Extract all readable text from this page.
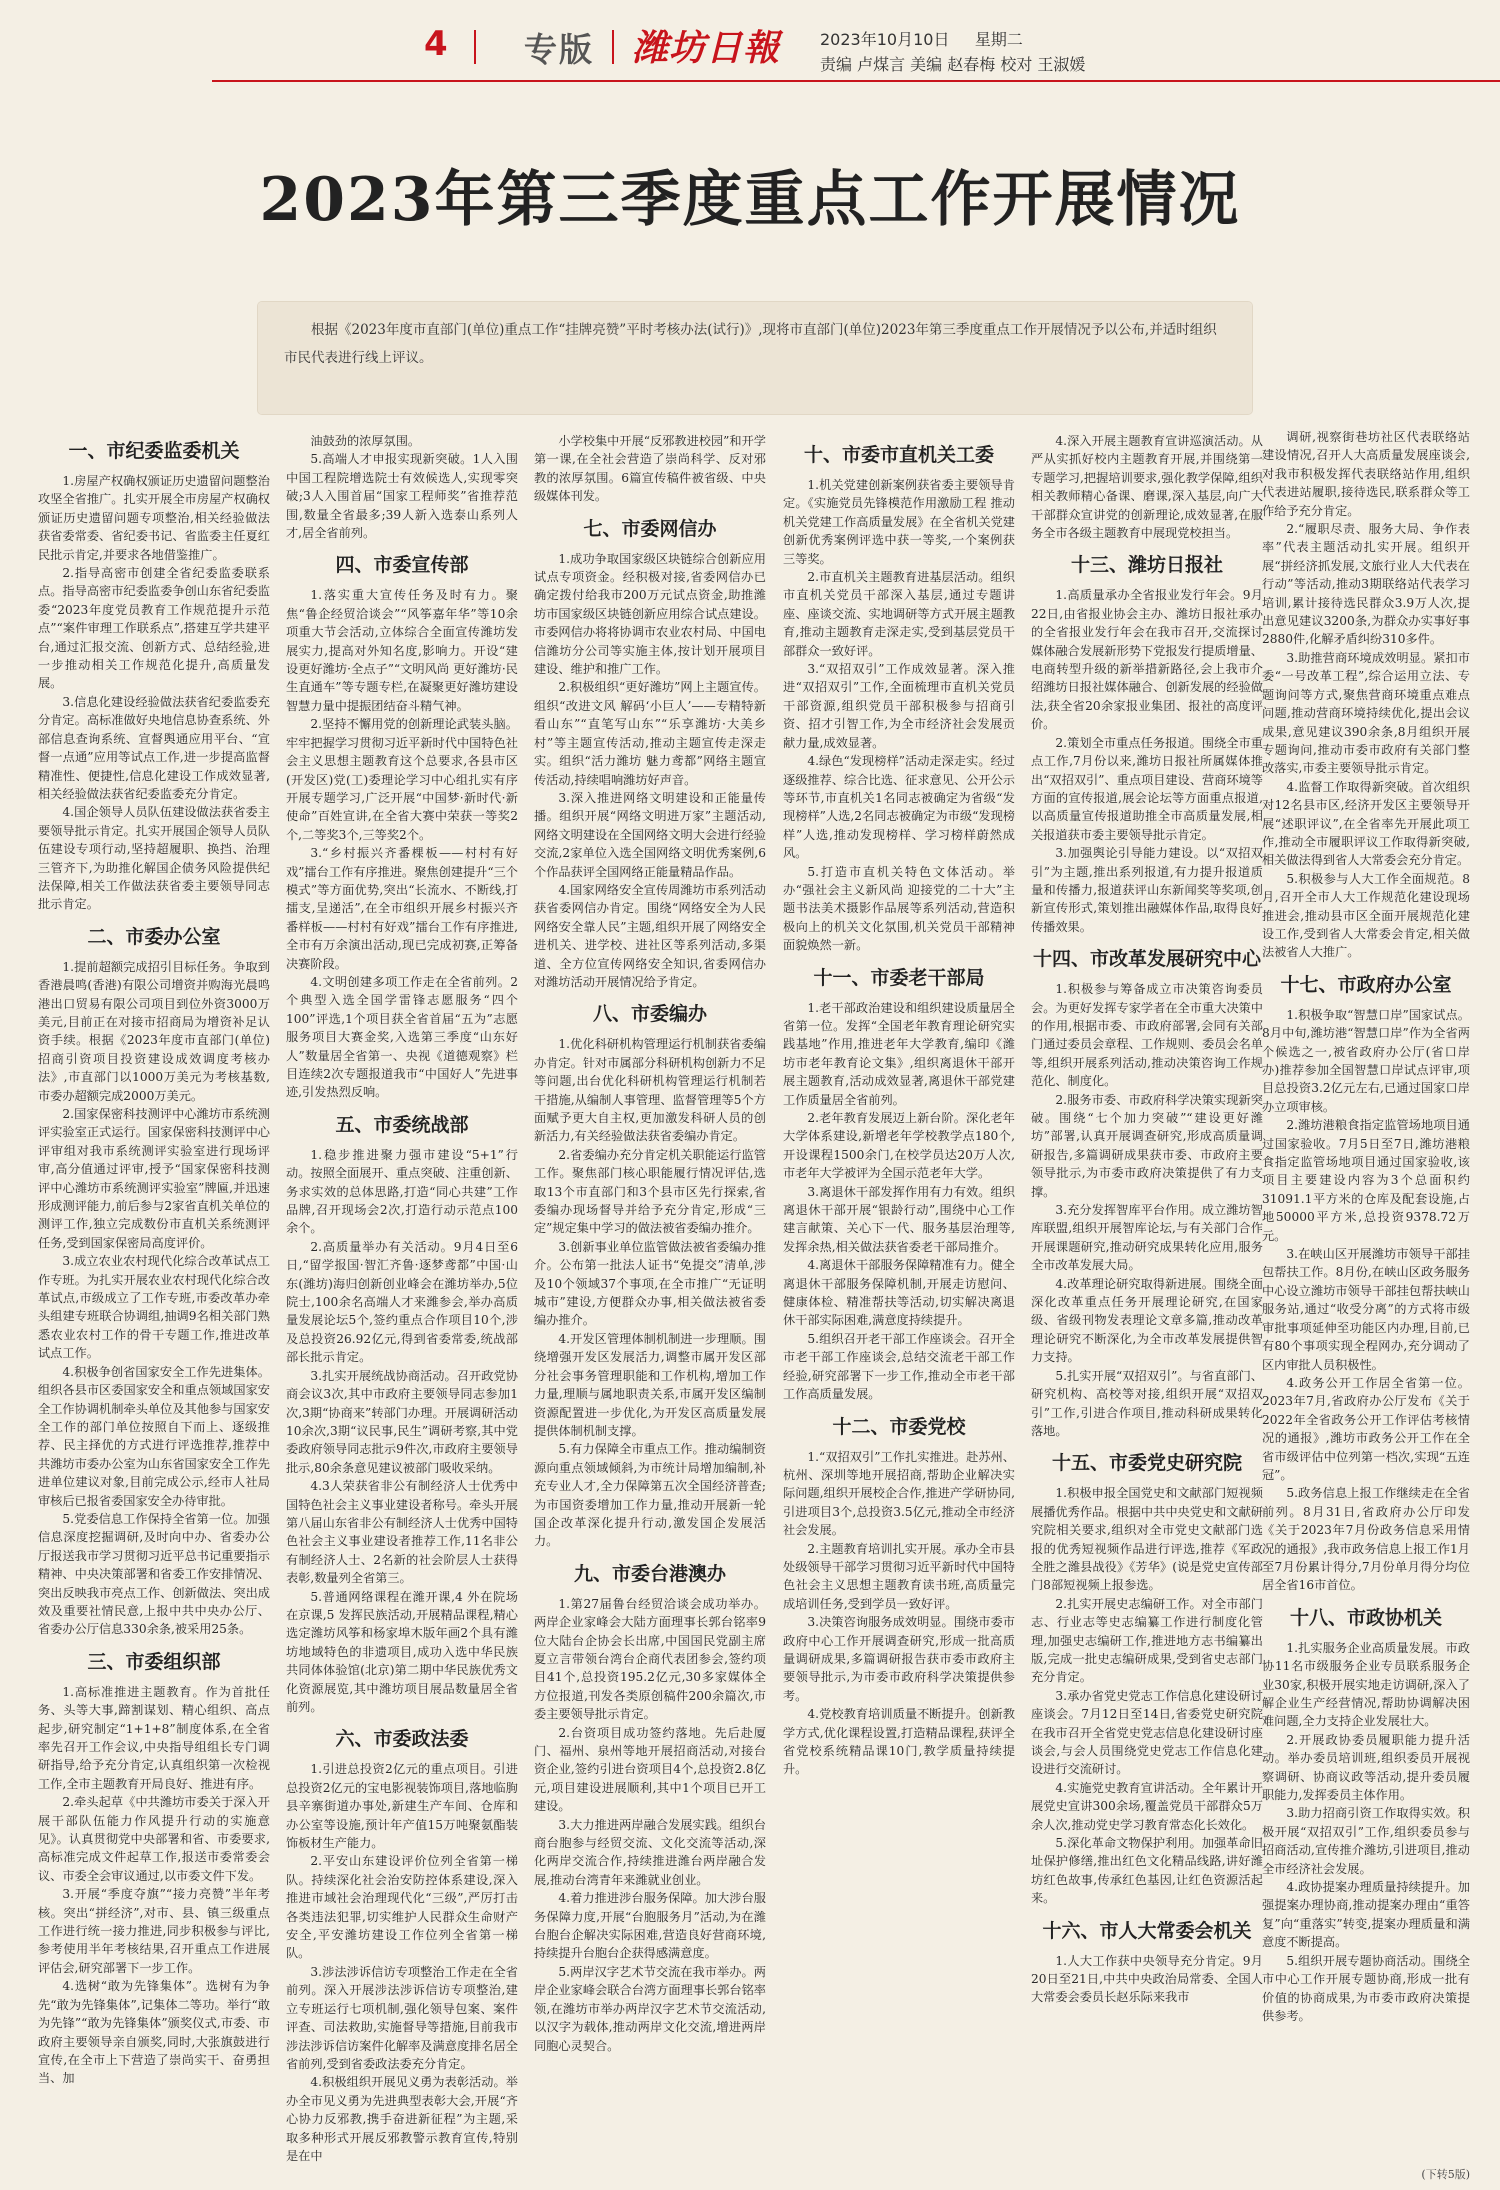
4 专版 潍坊日報 2023年10月10日 星期二
责编 卢煤言 美编 赵春梅 校对 王淑媛
2023年第三季度重点工作开展情况

根据《2023年度市直部门(单位)重点工作“挂牌亮赞”平时考核办法(试行)》,现将市直部门(单位)2023年第三季度重点工作开展情况予以公布,并适时组织市民代表进行线上评议。

一、市纪委监委机关

1.房屋产权确权颁证历史遗留问题整治攻坚全省推广。扎实开展全市房屋产权确权颁证历史遗留问题专项整治,相关经验做法获省委常委、省纪委书记、省监委主任夏红民批示肯定,并要求各地借鉴推广。

2.指导高密市创建全省纪委监委联系点。指导高密市纪委监委争创山东省纪委监委“2023年度党员教育工作规范提升示范点”“案件审理工作联系点”,搭建互学共建平台,通过汇报交流、创新方式、总结经验,进一步推动相关工作规范化提升,高质量发展。

3.信息化建设经验做法获省纪委监委充分肯定。高标准做好央地信息协查系统、外部信息查询系统、宣督舆通应用平台、“宣督一点通”应用等试点工作,进一步提高监督精准性、便捷性,信息化建设工作成效显著,相关经验做法获省纪委监委充分肯定。

4.国企领导人员队伍建设做法获省委主要领导批示肯定。扎实开展国企领导人员队伍建设专项行动,坚持超履职、换挡、治理三管齐下,为助推化解国企债务风险提供纪法保障,相关工作做法获省委主要领导同志批示肯定。

二、市委办公室

1.提前超额完成招引目标任务。争取到香港晨鸣(香港)有限公司增资并购海光晨鸣港出口贸易有限公司项目到位外资3000万美元,目前正在对接市招商局为增资补足认资手续。根据《2023年度市直部门(单位)招商引资项目投资建设成效调度考核办法》,市直部门以1000万美元为考核基数,市委办超额完成2000万美元。

2.国家保密科技测评中心潍坊市系统测评实验室正式运行。国家保密科技测评中心评审组对我市系统测评实验室进行现场评审,高分值通过评审,授予“国家保密科技测评中心潍坊市系统测评实验室”牌匾,并迅速形成测评能力,前后参与2家省直机关单位的测评工作,独立完成数份市直机关系统测评任务,受到国家保密局高度评价。

3.成立农业农村现代化综合改革试点工作专班。为扎实开展农业农村现代化综合改革试点,市级成立了工作专班,市委改革办牵头组建专班联合协调组,抽调9名相关部门熟悉农业农村工作的骨干专题工作,推进改革试点工作。

4.积极争创省国家安全工作先进集体。组织各县市区委国家安全和重点领域国家安全工作协调机制牵头单位及其他参与国家安全工作的部门单位按照自下而上、逐级推荐、民主择优的方式进行评选推荐,推荐中共潍坊市委办公室为山东省国家安全工作先进单位建议对象,目前完成公示,经市人社局审核后已报省委国家安全办待审批。

5.党委信息工作保持全省第一位。加强信息深度挖掘调研,及时向中办、省委办公厅报送我市学习贯彻习近平总书记重要指示精神、中央决策部署和省委工作安排情况、突出反映我市亮点工作、创新做法、突出成效及重要社情民意,上报中共中央办公厅、省委办公厅信息330余条,被采用25条。

三、市委组织部

1.高标准推进主题教育。作为首批任务、头等大事,蹄割谋划、精心组织、高点起步,研究制定“1+1+8”制度体系,在全省率先召开工作会议,中央指导组组长专门调研指导,给予充分肯定,认真组织第一次检视工作,全市主题教育开局良好、推进有序。

2.牵头起草《中共潍坊市委关于深入开展干部队伍能力作风提升行动的实施意见》。认真贯彻党中央部署和省、市委要求,高标准完成文件起草工作,报送市委常委会议、市委全会审议通过,以市委文件下发。

3.开展“季度夺旗”“接力亮赞”半年考核。突出“拼经济”,对市、县、镇三级重点工作进行统一接力推进,同步积极参与评比,参考使用半年考核结果,召开重点工作进展评估会,研究部署下一步工作。

4.选树“敢为先锋集体”。选树有为争先“敢为先锋集体”,记集体二等功。举行“敢为先锋”“敢为先锋集体”颁奖仪式,市委、市政府主要领导亲自颁奖,同时,大张旗鼓进行宣传,在全市上下营造了崇尚实干、奋勇担当、加

油鼓劲的浓厚氛围。

5.高端人才申报实现新突破。1人入围中国工程院增选院士有效候选人,实现零突破;3人入围首届“国家工程师奖”省推荐范围,数量全省最多;39人新入选泰山系列人才,居全省前列。

四、市委宣传部

1.落实重大宣传任务及时有力。聚焦“鲁企经贸洽谈会”“风筝嘉年华”等10余项重大节会活动,立体综合全面宣传潍坊发展实力,提高对外知名度,影响力。开设“建设更好潍坊·全点子”“文明风尚 更好潍坊·民生直通车”等专题专栏,在凝聚更好潍坊建设智慧力量中提振团结奋斗精气神。

2.坚持不懈用党的创新理论武装头脑。牢牢把握学习贯彻习近平新时代中国特色社会主义思想主题教育这个总要求,各县市区(开发区)党(工)委理论学习中心组扎实有序开展专题学习,广泛开展“中国梦·新时代·新使命”百姓宣讲,在全省大赛中荣获一等奖2个,二等奖3个,三等奖2个。

3.“乡村振兴齐番棵板——村村有好戏”擂台工作有序推进。聚焦创建提升“三个模式”等方面优势,突出“长流水、不断线,打擂支,呈递活”,在全市组织开展乡村振兴齐番样板——村村有好戏”擂台工作有序推进,全市有万余演出活动,现已完成初赛,正筹备决赛阶段。

4.文明创建多项工作走在全省前列。2个典型入选全国学雷锋志愿服务“四个100”评选,1个项目获全省首届“五为”志愿服务项目大赛金奖,入选第三季度“山东好人”数量居全省第一、央视《道德观察》栏目连续2次专题报道我市“中国好人”先进事迹,引发热烈反响。

五、市委统战部

1.稳步推进聚力强市建设“5+1”行动。按照全面展开、重点突破、注重创新、务求实效的总体思路,打造“同心共建”工作品牌,召开现场会2次,打造行动示范点100余个。

2.高质量举办有关活动。9月4日至6日,“留学报国·智汇齐鲁·逐梦鸢都”中国·山东(潍坊)海归创新创业峰会在潍坊举办,5位院士,100余名高端人才来潍参会,举办高质量发展论坛5个,签约重点合作项目10个,涉及总投资26.92亿元,得到省委常委,统战部部长批示肯定。

3.扎实开展统战协商活动。召开政党协商会议3次,其中市政府主要领导同志参加1次,3期“协商来”转部门办理。开展调研活动10余次,3期“议民事,民生”调研考察,其中党委政府领导同志批示9件次,市政府主要领导批示,80余条意见建议被部门吸收采纳。

4.3人荣获省非公有制经济人士优秀中国特色社会主义事业建设者称号。牵头开展第八届山东省非公有制经济人士优秀中国特色社会主义事业建设者推荐工作,11名非公有制经济人士、2名新的社会阶层人士获得表彰,数量列全省第三。

5.普通网络课程在潍开课,4 外在院场在京课,5 发挥民族活动,开展精品课程,精心选定潍坊风筝和杨家埠木版年画2个具有潍坊地域特色的非遗项目,成功入选中华民族共同体体验馆(北京)第二期中华民族优秀文化资源展览,其中潍坊项目展品数量居全省前列。

六、市委政法委

1.引进总投资2亿元的重点项目。引进总投资2亿元的宝电影视装饰项目,落地临朐县辛寨街道办事处,新建生产车间、仓库和办公室等设施,预计年产值15万吨聚氨酯装饰板材生产能力。

2.平安山东建设评价位列全省第一梯队。持续深化社会治安防控体系建设,深入推进市域社会治理现代化“三级”,严厉打击各类违法犯罪,切实维护人民群众生命财产安全,平安潍坊建设工作位列全省第一梯队。

3.涉法涉诉信访专项整治工作走在全省前列。深入开展涉法涉诉信访专项整治,建立专班运行七项机制,强化领导包案、案件评查、司法救助,实施督导等措施,目前我市涉法涉诉信访案件化解率及满意度排名居全省前列,受到省委政法委充分肯定。

4.积极组织开展见义勇为表彰活动。举办全市见义勇为先进典型表彰大会,开展“齐心协力反邪教,携手奋进新征程”为主题,采取多种形式开展反邪教警示教育宣传,特别是在中

小学校集中开展“反邪教进校园”和开学第一课,在全社会营造了崇尚科学、反对邪教的浓厚氛围。6篇宣传稿件被省级、中央级媒体刊发。

七、市委网信办

1.成功争取国家级区块链综合创新应用试点专项资金。经积极对接,省委网信办已确定拨付给我市200万元试点资金,助推潍坊市国家级区块链创新应用综合试点建设。市委网信办将将协调市农业农村局、中国电信潍坊分公司等实施主体,按计划开展项目建设、维护和推广工作。

2.积极组织“更好潍坊”网上主题宣传。组织“改进文风 解码‘小巨人’——专精特新看山东”“直笔写山东”“乐享潍坊·大美乡村”等主题宣传活动,推动主题宣传走深走实。组织“活力潍坊 魅力鸢都”网络主题宣传活动,持续唱响潍坊好声音。

3.深入推进网络文明建设和正能量传播。组织开展“网络文明进万家”主题活动,网络文明建设在全国网络文明大会进行经验交流,2家单位入选全国网络文明优秀案例,6个作品获评全国网络正能量精品作品。

4.国家网络安全宣传周潍坊市系列活动获省委网信办肯定。围绕“网络安全为人民 网络安全靠人民”主题,组织开展了网络安全进机关、进学校、进社区等系列活动,多渠道、全方位宣传网络安全知识,省委网信办对潍坊活动开展情况给予肯定。

八、市委编办

1.优化科研机构管理运行机制获省委编办肯定。针对市属部分科研机构创新力不足等问题,出台优化科研机构管理运行机制若干措施,从编制人事管理、监督管理等5个方面赋予更大自主权,更加激发科研人员的创新活力,有关经验做法获省委编办肯定。

2.省委编办充分肯定机关职能运行监管工作。聚焦部门核心职能履行情况评估,选取13个市直部门和3个县市区先行探索,省委编办现场督导并给予充分肯定,形成“三定”规定集中学习的做法被省委编办推介。

3.创新事业单位监管做法被省委编办推介。公布第一批法人证书“免提交”清单,涉及10个领域37个事项,在全市推广“无证明城市”建设,方便群众办事,相关做法被省委编办推介。

4.开发区管理体制机制进一步理顺。围绕增强开发区发展活力,调整市属开发区部分社会事务管理职能和工作机构,增加工作力量,理顺与属地职责关系,市属开发区编制资源配置进一步优化,为开发区高质量发展提供体制机制支撑。

5.有力保障全市重点工作。推动编制资源向重点领域倾斜,为市统计局增加编制,补充专业人才,全力保障第五次全国经济普查;为市国资委增加工作力量,推动开展新一轮国企改革深化提升行动,激发国企发展活力。

九、市委台港澳办

1.第27届鲁台经贸洽谈会成功举办。两岸企业家峰会大陆方面理事长郭台铭率9位大陆台企协会长出席,中国国民党副主席夏立言带领台湾台企商代表团参会,签约项目41个,总投资195.2亿元,30多家媒体全方位报道,刊发各类原创稿件200余篇次,市委主要领导批示肯定。

2.台资项目成功签约落地。先后赴厦门、福州、泉州等地开展招商活动,对接台资企业,签约引进台资项目4个,总投资2.8亿元,项目建设进展顺利,其中1个项目已开工建设。

3.大力推进两岸融合发展实践。组织台商台胞参与经贸交流、文化交流等活动,深化两岸交流合作,持续推进潍台两岸融合发展,推动台湾青年来潍就业创业。

4.着力推进涉台服务保障。加大涉台服务保障力度,开展“台胞服务月”活动,为在潍台胞台企解决实际困难,营造良好营商环境,持续提升台胞台企获得感满意度。

5.两岸汉字艺术节交流在我市举办。两岸企业家峰会联合台湾方面理事长郭台铭率领,在潍坊市举办两岸汉字艺术节交流活动,以汉字为载体,推动两岸文化交流,增进两岸同胞心灵契合。

十、市委市直机关工委

1.机关党建创新案例获省委主要领导肯定。《实施党员先锋模范作用激励工程 推动机关党建工作高质量发展》在全省机关党建创新优秀案例评选中获一等奖,一个案例获三等奖。

2.市直机关主题教育进基层活动。组织市直机关党员干部深入基层,通过专题讲座、座谈交流、实地调研等方式开展主题教育,推动主题教育走深走实,受到基层党员干部群众一致好评。

3.“双招双引”工作成效显著。深入推进“双招双引”工作,全面梳理市直机关党员干部资源,组织党员干部积极参与招商引资、招才引智工作,为全市经济社会发展贡献力量,成效显著。

4.绿色“发现榜样”活动走深走实。经过逐级推荐、综合比选、征求意见、公开公示等环节,市直机关1名同志被确定为省级“发现榜样”人选,2名同志被确定为市级“发现榜样”人选,推动发现榜样、学习榜样蔚然成风。

5.打造市直机关特色文体活动。举办“强社会主义新风尚 迎接党的二十大”主题书法美术摄影作品展等系列活动,营造积极向上的机关文化氛围,机关党员干部精神面貌焕然一新。

十一、市委老干部局

1.老干部政治建设和组织建设质量居全省第一位。发挥“全国老年教育理论研究实践基地”作用,推进老年大学教育,编印《潍坊市老年教育论文集》,组织离退休干部开展主题教育,活动成效显著,离退休干部党建工作质量居全省前列。

2.老年教育发展迈上新台阶。深化老年大学体系建设,新增老年学校教学点180个,开设课程1500余门,在校学员达20万人次,市老年大学被评为全国示范老年大学。

3.离退休干部发挥作用有力有效。组织离退休干部开展“银龄行动”,围绕中心工作建言献策、关心下一代、服务基层治理等,发挥余热,相关做法获省委老干部局推介。

4.离退休干部服务保障精准有力。健全离退休干部服务保障机制,开展走访慰问、健康体检、精准帮扶等活动,切实解决离退休干部实际困难,满意度持续提升。

5.组织召开老干部工作座谈会。召开全市老干部工作座谈会,总结交流老干部工作经验,研究部署下一步工作,推动全市老干部工作高质量发展。

十二、市委党校

1.“双招双引”工作扎实推进。赴苏州、杭州、深圳等地开展招商,帮助企业解决实际问题,组织开展校企合作,推进产学研协同,引进项目3个,总投资3.5亿元,推动全市经济社会发展。

2.主题教育培训扎实开展。承办全市县处级领导干部学习贯彻习近平新时代中国特色社会主义思想主题教育读书班,高质量完成培训任务,受到学员一致好评。

3.决策咨询服务成效明显。围绕市委市政府中心工作开展调查研究,形成一批高质量调研成果,多篇调研报告获市委市政府主要领导批示,为市委市政府科学决策提供参考。

4.党校教育培训质量不断提升。创新教学方式,优化课程设置,打造精品课程,获评全省党校系统精品课10门,教学质量持续提升。

4.深入开展主题教育宣讲巡演活动。从严从实抓好校内主题教育开展,并围绕第一专题学习,把握培训要求,强化教学保障,组织相关教师精心备课、磨课,深入基层,向广大干部群众宣讲党的创新理论,成效显著,在服务全市各级主题教育中展现党校担当。

十三、潍坊日报社

1.高质量承办全省报业发行年会。9月22日,由省报业协会主办、潍坊日报社承办的全省报业发行年会在我市召开,交流探讨媒体融合发展新形势下党报发行提质增量、电商转型升级的新举措新路径,会上我市介绍潍坊日报社媒体融合、创新发展的经验做法,获全省20余家报业集团、报社的高度评价。

2.策划全市重点任务报道。围绕全市重点工作,7月份以来,潍坊日报社所属媒体推出“双招双引”、重点项目建设、营商环境等方面的宣传报道,展会论坛等方面重点报道,以高质量宣传报道助推全市高质量发展,相关报道获市委主要领导批示肯定。

3.加强舆论引导能力建设。以“双招双引”为主题,推出系列报道,有力提升报道质量和传播力,报道获评山东新闻奖等奖项,创新宣传形式,策划推出融媒体作品,取得良好传播效果。

十四、市改革发展研究中心

1.积极参与筹备成立市决策咨询委员会。为更好发挥专家学者在全市重大决策中的作用,根据市委、市政府部署,会同有关部门通过委员会章程、工作规则、委员会名单等,组织开展系列活动,推动决策咨询工作规范化、制度化。

2.服务市委、市政府科学决策实现新突破。围绕“七个加力突破”“建设更好潍坊”部署,认真开展调查研究,形成高质量调研报告,多篇调研成果获市委、市政府主要领导批示,为市委市政府决策提供了有力支撑。

3.充分发挥智库平台作用。成立潍坊智库联盟,组织开展智库论坛,与有关部门合作开展课题研究,推动研究成果转化应用,服务全市改革发展大局。

4.改革理论研究取得新进展。围绕全面深化改革重点任务开展理论研究,在国家级、省级刊物发表理论文章多篇,推动改革理论研究不断深化,为全市改革发展提供智力支持。

5.扎实开展“双招双引”。与省直部门、研究机构、高校等对接,组织开展“双招双引”工作,引进合作项目,推动科研成果转化落地。

十五、市委党史研究院

1.积极申报全国党史和文献部门短视频展播优秀作品。根据中共中央党史和文献研究院相关要求,组织对全市党史文献部门选报的优秀短视频作品进行评选,推荐《军政全胜之潍县战役》《芳华》(说是党史宣传部门8部短视频上报参选。

2.扎实开展史志编研工作。对全市部门志、行业志等史志编纂工作进行制度化管理,加强史志编研工作,推进地方志书编纂出版,完成一批史志编研成果,受到省史志部门充分肯定。

3.承办省党史党志工作信息化建设研讨座谈会。7月12日至14日,省委党史研究院在我市召开全省党史党志信息化建设研讨座谈会,与会人员围绕党史党志工作信息化建设进行交流研讨。

4.实施党史教育宣讲活动。全年累计开展党史宣讲300余场,覆盖党员干部群众5万余人次,推动党史学习教育常态化长效化。

5.深化革命文物保护利用。加强革命旧址保护修缮,推出红色文化精品线路,讲好潍坊红色故事,传承红色基因,让红色资源活起来。

十六、市人大常委会机关

1.人大工作获中央领导充分肯定。9月20日至21日,中共中央政治局常委、全国人大常委会委员长赵乐际来我市

调研,视察街巷坊社区代表联络站建设情况,召开人大高质量发展座谈会,对我市积极发挥代表联络站作用,组织代表进站履职,接待选民,联系群众等工作给予充分肯定。

2.“履职尽责、服务大局、争作表率”代表主题活动扎实开展。组织开展“拼经济抓发展,文旅行业人大代表在行动”等活动,推动3期联络站代表学习培训,累计接待选民群众3.9万人次,提出意见建议3200条,为群众办实事好事2880件,化解矛盾纠纷310多件。

3.助推营商环境成效明显。紧扣市委“一号改革工程”,综合运用立法、专题询问等方式,聚焦营商环境重点难点问题,推动营商环境持续优化,提出会议成果,意见建议390余条,8月组织开展专题询问,推动市委市政府有关部门整改落实,市委主要领导批示肯定。

4.监督工作取得新突破。首次组织对12名县市区,经济开发区主要领导开展“述职评议”,在全省率先开展此项工作,推动全市履职评议工作取得新突破,相关做法得到省人大常委会充分肯定。

5.积极参与人大工作全面规范。8月,召开全市人大工作规范化建设现场推进会,推动县市区全面开展规范化建设工作,受到省人大常委会肯定,相关做法被省人大推广。

十七、市政府办公室

1.积极争取“智慧口岸”国家试点。8月中旬,潍坊港“智慧口岸”作为全省两个候选之一,被省政府办公厅(省口岸办)推荐参加全国智慧口岸试点评审,项目总投资3.2亿元左右,已通过国家口岸办立项审核。

2.潍坊港粮食指定监管场地项目通过国家验收。7月5日至7日,潍坊港粮食指定监管场地项目通过国家验收,该项目主要建设内容为3个总面积约31091.1平方米的仓库及配套设施,占地50000平方米,总投资9378.72万元。

3.在峡山区开展潍坊市领导干部挂包帮扶工作。8月份,在峡山区政务服务中心设立潍坊市领导干部挂包帮扶峡山服务站,通过“收受分离”的方式将市级审批事项延伸至功能区内办理,目前,已有80个事项实现全程网办,充分调动了区内审批人员积极性。

4.政务公开工作居全省第一位。2023年7月,省政府办公厅发布《关于2022年全省政务公开工作评估考核情况的通报》,潍坊市政务公开工作在全省市级评估中位列第一档次,实现“五连冠”。

5.政务信息上报工作继续走在全省前列。8月31日,省政府办公厅印发《关于2023年7月份政务信息采用情况的通报》,我市政务信息上报工作1月至7月份累计得分,7月份单月得分均位居全省16市首位。

十八、市政协机关

1.扎实服务企业高质量发展。市政协11名市级服务企业专员联系服务企业30家,积极开展实地走访调研,深入了解企业生产经营情况,帮助协调解决困难问题,全力支持企业发展壮大。

2.开展政协委员履职能力提升活动。举办委员培训班,组织委员开展视察调研、协商议政等活动,提升委员履职能力,发挥委员主体作用。

3.助力招商引资工作取得实效。积极开展“双招双引”工作,组织委员参与招商活动,宣传推介潍坊,引进项目,推动全市经济社会发展。

4.政协提案办理质量持续提升。加强提案办理协商,推动提案办理由“重答复”向“重落实”转变,提案办理质量和满意度不断提高。

5.组织开展专题协商活动。围绕全市中心工作开展专题协商,形成一批有价值的协商成果,为市委市政府决策提供参考。

(下转5版)
